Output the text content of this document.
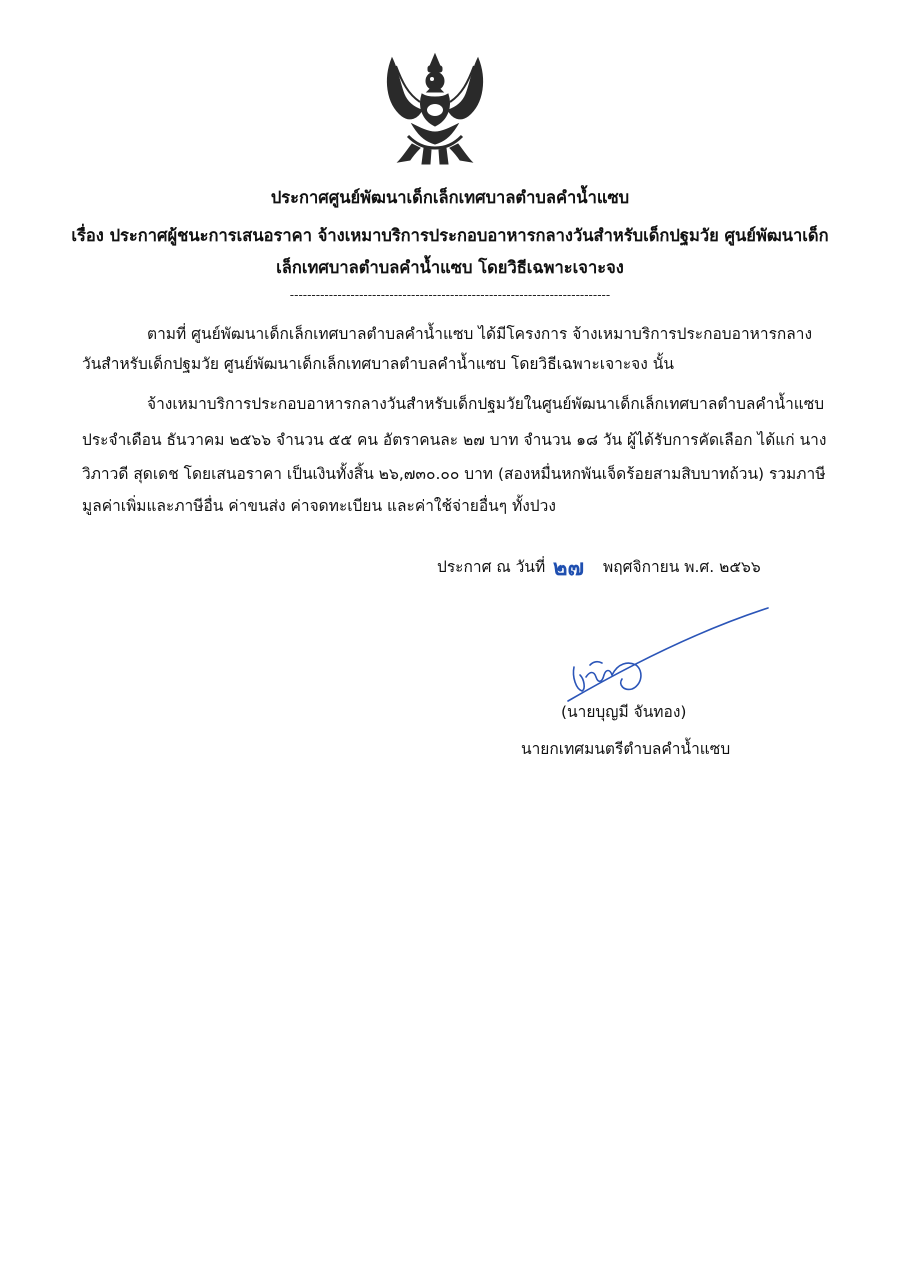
ประกาศศูนย์พัฒนาเด็กเล็กเทศบาลตำบลคำน้ำแซบ
เรื่อง ประกาศผู้ชนะการเสนอราคา จ้างเหมาบริการประกอบอาหารกลางวันสำหรับเด็กปฐมวัย ศูนย์พัฒนาเด็ก
เล็กเทศบาลตำบลคำน้ำแซบ โดยวิธีเฉพาะเจาะจง
--------------------------------------------------------------------------
ตามที่ ศูนย์พัฒนาเด็กเล็กเทศบาลตำบลคำน้ำแซบ ได้มีโครงการ จ้างเหมาบริการประกอบอาหารกลาง
วันสำหรับเด็กปฐมวัย ศูนย์พัฒนาเด็กเล็กเทศบาลตำบลคำน้ำแซบ โดยวิธีเฉพาะเจาะจง นั้น
จ้างเหมาบริการประกอบอาหารกลางวันสำหรับเด็กปฐมวัยในศูนย์พัฒนาเด็กเล็กเทศบาลตำบลคำน้ำแซบ
ประจำเดือน ธันวาคม ๒๕๖๖ จำนวน ๕๕ คน อัตราคนละ ๒๗ บาท จำนวน ๑๘ วัน ผู้ได้รับการคัดเลือก ได้แก่ นาง
วิภาวดี สุดเดช โดยเสนอราคา เป็นเงินทั้งสิ้น ๒๖,๗๓๐.๐๐ บาท (สองหมื่นหกพันเจ็ดร้อยสามสิบบาทถ้วน) รวมภาษี
มูลค่าเพิ่มและภาษีอื่น ค่าขนส่ง ค่าจดทะเบียน และค่าใช้จ่ายอื่นๆ ทั้งปวง
ประกาศ ณ วันที่ ๒๗ พฤศจิกายน พ.ศ. ๒๕๖๖
(นายบุญมี จันทอง)
นายกเทศมนตรีตำบลคำน้ำแซบ
